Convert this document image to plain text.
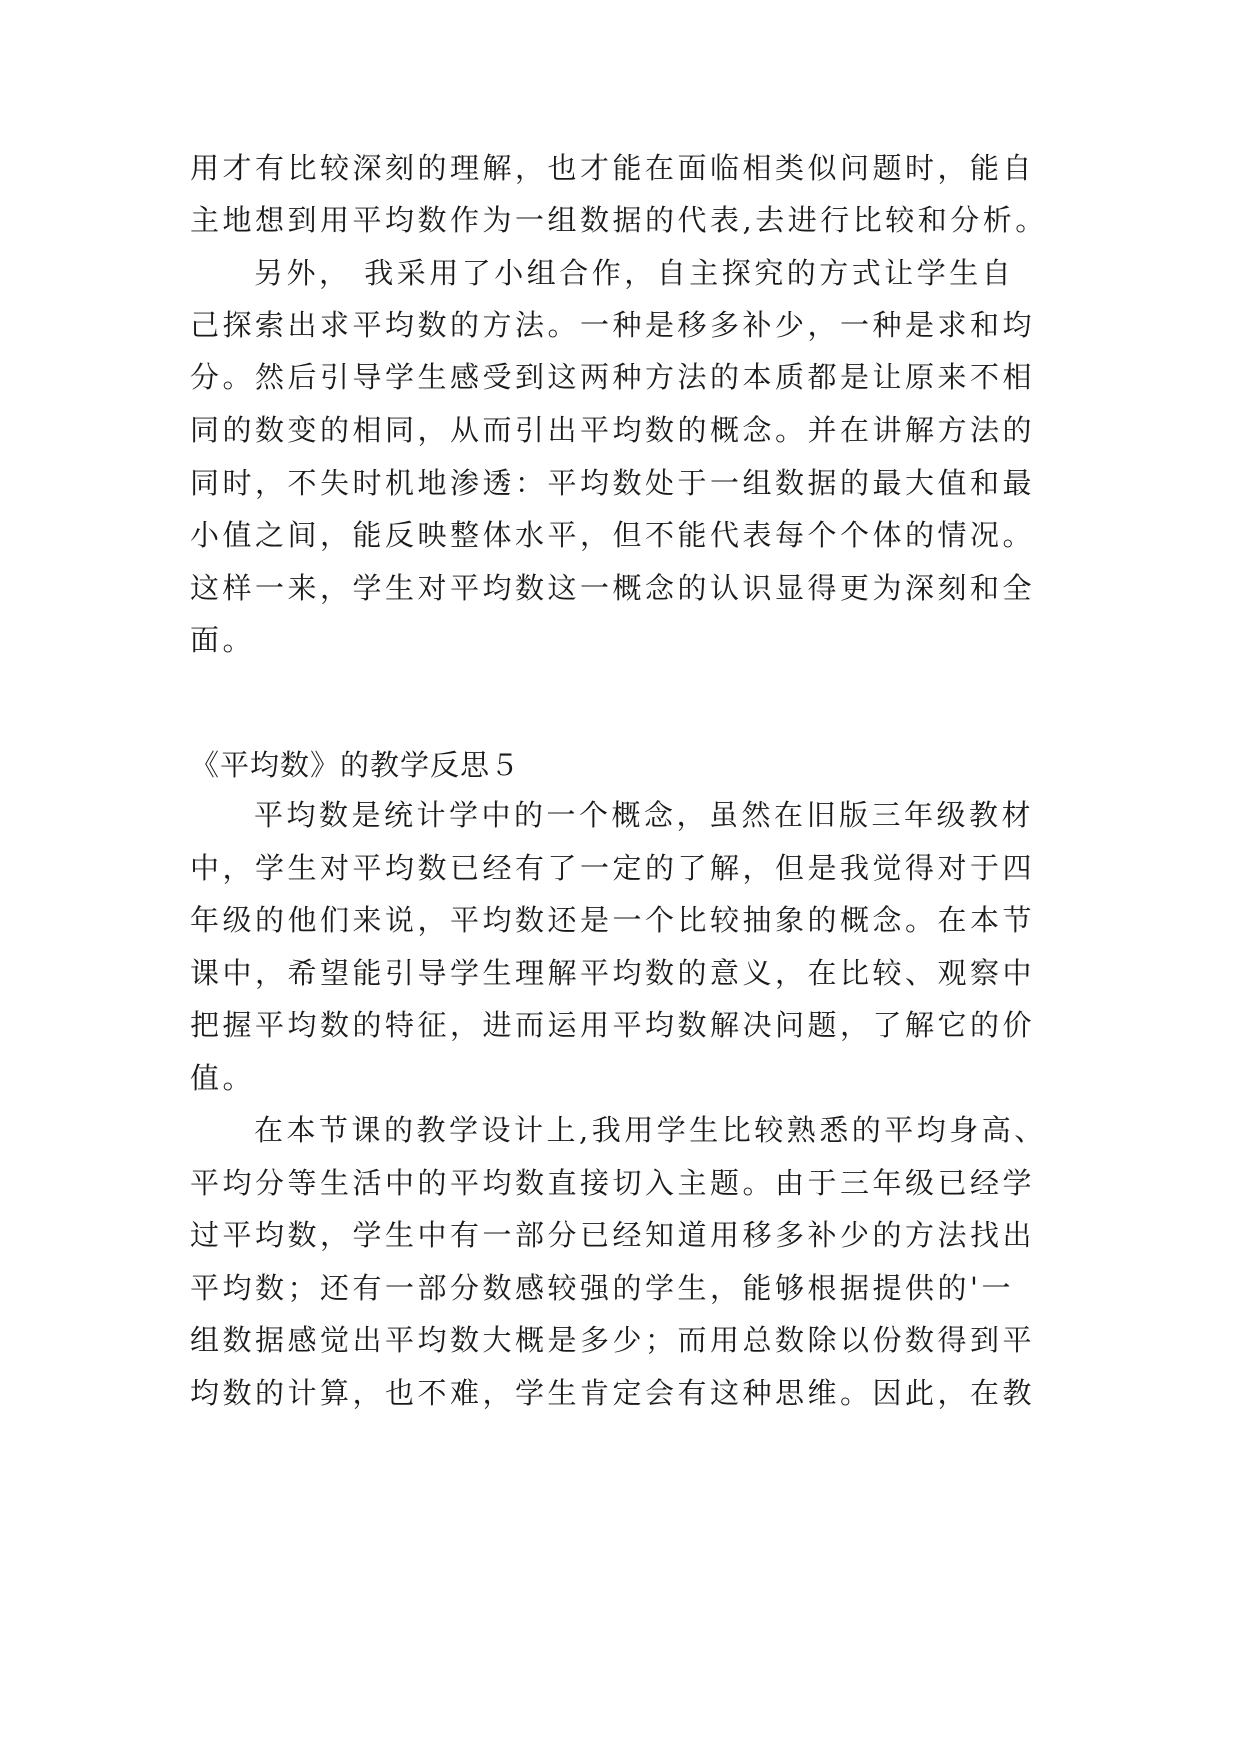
用才有比较深刻的理解，也才能在面临相类似问题时，能自
主地想到用平均数作为一组数据的代表,去进行比较和分析。
另外， 我采用了小组合作，自主探究的方式让学生自
己探索出求平均数的方法。一种是移多补少，一种是求和均
分。然后引导学生感受到这两种方法的本质都是让原来不相
同的数变的相同，从而引出平均数的概念。并在讲解方法的
同时，不失时机地渗透：平均数处于一组数据的最大值和最
小值之间，能反映整体水平，但不能代表每个个体的情况。
这样一来，学生对平均数这一概念的认识显得更为深刻和全
面。
《平均数》的教学反思５
平均数是统计学中的一个概念，虽然在旧版三年级教材
中，学生对平均数已经有了一定的了解，但是我觉得对于四
年级的他们来说，平均数还是一个比较抽象的概念。在本节
课中，希望能引导学生理解平均数的意义，在比较、观察中
把握平均数的特征，进而运用平均数解决问题，了解它的价
值。
在本节课的教学设计上,我用学生比较熟悉的平均身高、
平均分等生活中的平均数直接切入主题。由于三年级已经学
过平均数，学生中有一部分已经知道用移多补少的方法找出
平均数；还有一部分数感较强的学生，能够根据提供的'一
组数据感觉出平均数大概是多少；而用总数除以份数得到平
均数的计算，也不难，学生肯定会有这种思维。因此，在教
